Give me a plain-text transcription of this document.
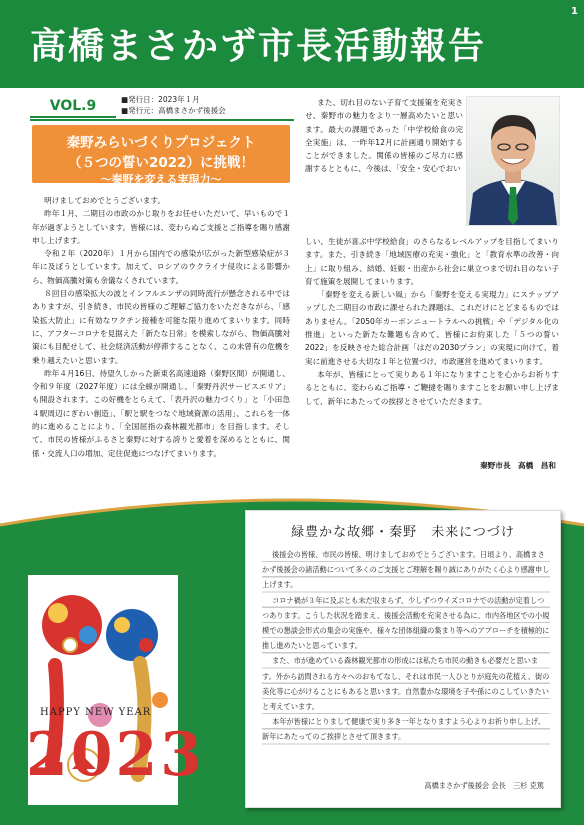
1
高橋まさかず市長活動報告
VOL.9	■発行日：2023年１月
■発行元：高橋まさかず後援会
秦野みらいづくりプロジェクト
（５つの誓い2022）に挑戦！
〜秦野を変える実現力〜

明けましておめでとうございます。

昨年１月、二期目の市政のかじ取りをお任せいただいて、早いもので１年が過ぎようとしています。皆様には、変わらぬご支援とご指導を賜り感謝申し上げます。

令和２年（2020年）１月から国内での感染が広がった新型感染症が３年に及ぼうとしています。加えて、ロシアのウクライナ侵攻による影響から、物価高騰対策も余儀なくされています。

８回目の感染拡大の波とインフルエンザの同時流行が懸念される中ではありますが、引き続き、市民の皆様のご理解ご協力をいただきながら、「感染拡大防止」に有効なワクチン接種を可能な限り進めてまいります。同時に、アフターコロナを見据えた「新たな日常」を模索しながら、物価高騰対策にも目配せして、社会経済活動が停滞することなく、この未曾有の危機を乗り越えたいと思います。

昨年４月16日、待望久しかった新東名高速道路（秦野区間）が開通し、令和９年度（2027年度）には全線が開通し、「秦野丹沢サービスエリア」も開設されます。この好機をとらえて、「表丹沢の魅力づくり」と「小田急４駅周辺にぎわい創造」、「駅と駅をつなぐ地域資源の活用」、これらを一体的に進めることにより、「全国屈指の森林観光都市」を目指します。そして、市民の皆様がふるさと秦野に対する誇りと愛着を深めるとともに、関係・交流人口の増加、定住促進につなげてまいります。

また、切れ目のない子育て支援策を充実させ、秦野市の魅力をより一層高めたいと思います。最大の課題であった「中学校給食の完全実施」は、一昨年12月に計画通り開始することができました。関係の皆様のご尽力に感謝するとともに、今後は、「安全・安心でおい

しい、生徒が喜ぶ中学校給食」のさらなるレベルアップを目指してまいります。また、引き続き「地域医療の充実・強化」と「教育水準の改善・向上」に取り組み、結婚、妊娠・出産から社会に巣立つまで切れ目のない子育て施策を展開してまいります。

「秦野を変える新しい風」から「秦野を変える実現力」にステップアップした二期目の市政に課せられた課題は、これだけにとどまるものではありません。「2050年カーボンニュートラルへの挑戦」や「デジタル化の推進」といった新たな難題も含めて、皆様にお約束した「５つの誓い2022」を反映させた総合計画「はだの2030プラン」の実現に向けて、着実に前進させる大切な１年と位置づけ、市政運営を進めてまいります。

本年が、皆様にとって実りある１年になりますことを心からお祈りするとともに、変わらぬご指導・ご鞭撻を賜りますことをお願い申し上げまして、新年にあたっての挨拶とさせていただきます。

秦野市長　高橋　昌和
HAPPY NEW YEAR
2023
緑豊かな故郷・秦野　未来につづけ

後援会の皆様、市民の皆様、明けましておめでとうございます。日頃より、高橋まさかず後援会の諸活動について多くのご支援とご理解を賜り誠にありがたく心より感謝申し上げます。

コロナ禍が３年に及ぶとも未だ収まらず、少しずつウイズコロナでの活動が定着しつつあります。こうした状況を踏まえ、後援会活動を充実させる為に、市内各地区での小規模での懇談会形式の集会の実施や、様々な団体組織の集まり等へのアプローチを積極的に推し進めたいと思っています。

また、市が進めている森林観光都市の形成には私たち市民の動きも必要だと思います。外から訪問される方々へのおもてなし、それは市民一人ひとりが庭先の花植え、街の美化等に心がけることにもあると思います。自然豊かな環境を子や孫にのこしていきたいと考えています。

本年が皆様にとりまして健康で実り多き一年となりますよう心よりお祈り申し上げ、新年にあたってのご挨拶とさせて頂きます。

高橋まさかず後援会 会長　三杉 克篤
